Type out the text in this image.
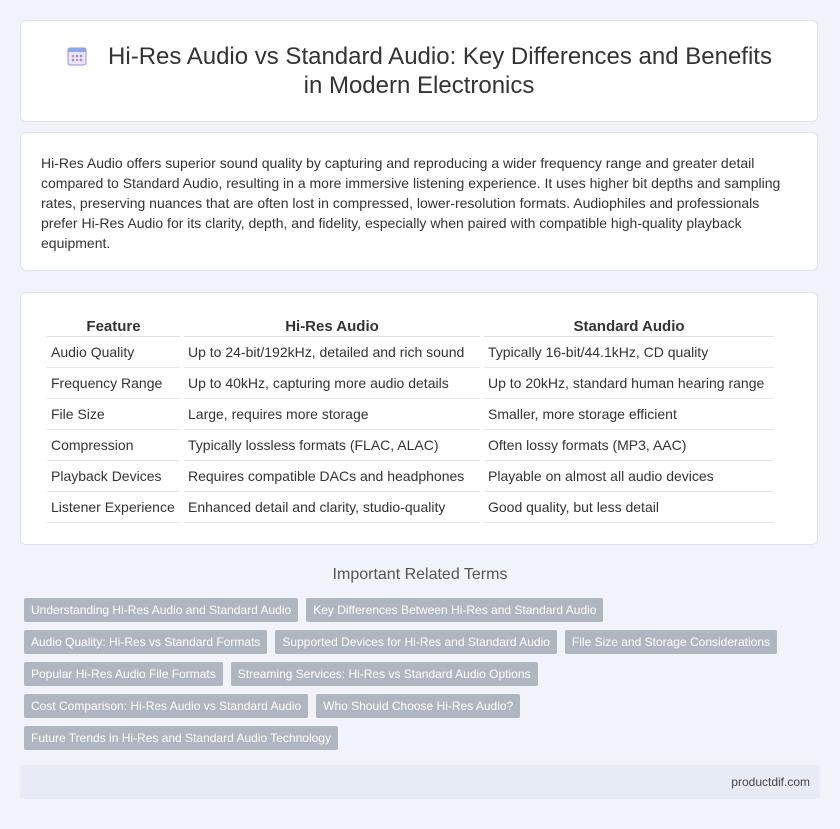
Hi-Res Audio vs Standard Audio: Key Differences and Benefits in Modern Electronics

Hi-Res Audio offers superior sound quality by capturing and reproducing a wider frequency range and greater detail compared to Standard Audio, resulting in a more immersive listening experience. It uses higher bit depths and sampling rates, preserving nuances that are often lost in compressed, lower-resolution formats. Audiophiles and professionals prefer Hi-Res Audio for its clarity, depth, and fidelity, especially when paired with compatible high-quality playback equipment.

Feature	Hi-Res Audio	Standard Audio
Audio Quality	Up to 24-bit/192kHz, detailed and rich sound	Typically 16-bit/44.1kHz, CD quality
Frequency Range	Up to 40kHz, capturing more audio details	Up to 20kHz, standard human hearing range
File Size	Large, requires more storage	Smaller, more storage efficient
Compression	Typically lossless formats (FLAC, ALAC)	Often lossy formats (MP3, AAC)
Playback Devices	Requires compatible DACs and headphones	Playable on almost all audio devices
Listener Experience	Enhanced detail and clarity, studio-quality	Good quality, but less detail
Important Related Terms
Understanding Hi-Res Audio and Standard Audio	Key Differences Between Hi-Res and Standard Audio
Audio Quality: Hi-Res vs Standard Formats	Supported Devices for Hi-Res and Standard Audio	File Size and Storage Considerations
Popular Hi-Res Audio File Formats	Streaming Services: Hi-Res vs Standard Audio Options
Cost Comparison: Hi-Res Audio vs Standard Audio	Who Should Choose Hi-Res Audio?
Future Trends in Hi-Res and Standard Audio Technology
productdif.com
